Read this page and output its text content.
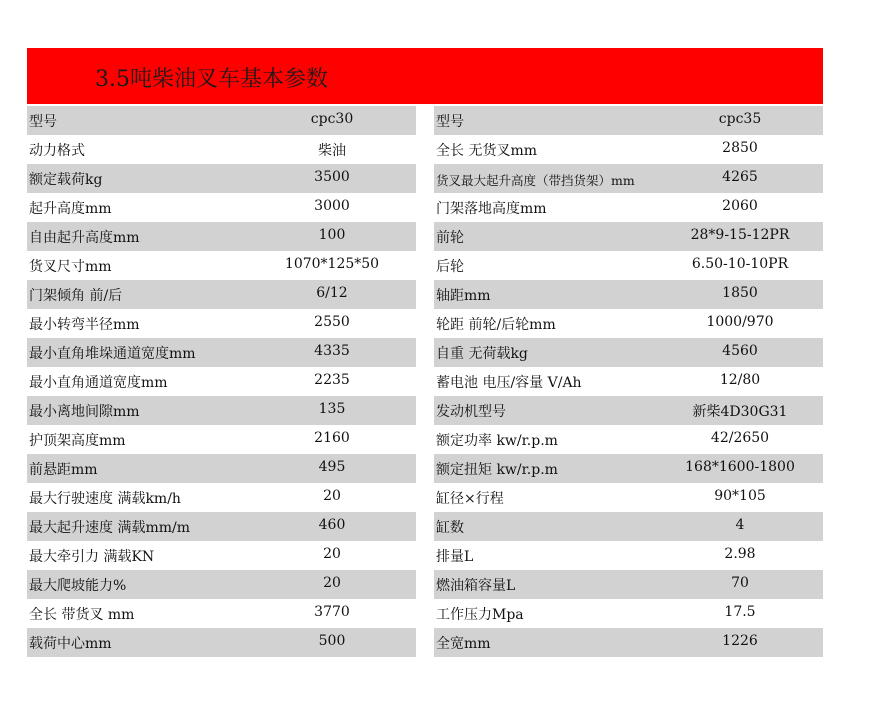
3.5吨柴油叉车基本参数
型号	cpc30
动力格式	柴油
额定载荷kg	3500
起升高度mm	3000
自由起升高度mm	100
货叉尺寸mm	1070*125*50
门架倾角 前/后	6/12
最小转弯半径mm	2550
最小直角堆垛通道宽度mm	4335
最小直角通道宽度mm	2235
最小离地间隙mm	135
护顶架高度mm	2160
前悬距mm	495
最大行驶速度 满载km/h	20
最大起升速度 满载mm/m	460
最大牵引力 满载KN	20
最大爬坡能力%	20
全长 带货叉 mm	3770
载荷中心mm	500
型号	cpc35
全长 无货叉mm	2850
货叉最大起升高度（带挡货架）mm	4265
门架落地高度mm	2060
前轮	28*9-15-12PR
后轮	6.50-10-10PR
轴距mm	1850
轮距 前轮/后轮mm	1000/970
自重 无荷载kg	4560
蓄电池 电压/容量 V/Ah	12/80
发动机型号	新柴4D30G31
额定功率 kw/r.p.m	42/2650
额定扭矩 kw/r.p.m	168*1600-1800
缸径×行程	90*105
缸数	4
排量L	2.98
燃油箱容量L	70
工作压力Mpa	17.5
全宽mm	1226
